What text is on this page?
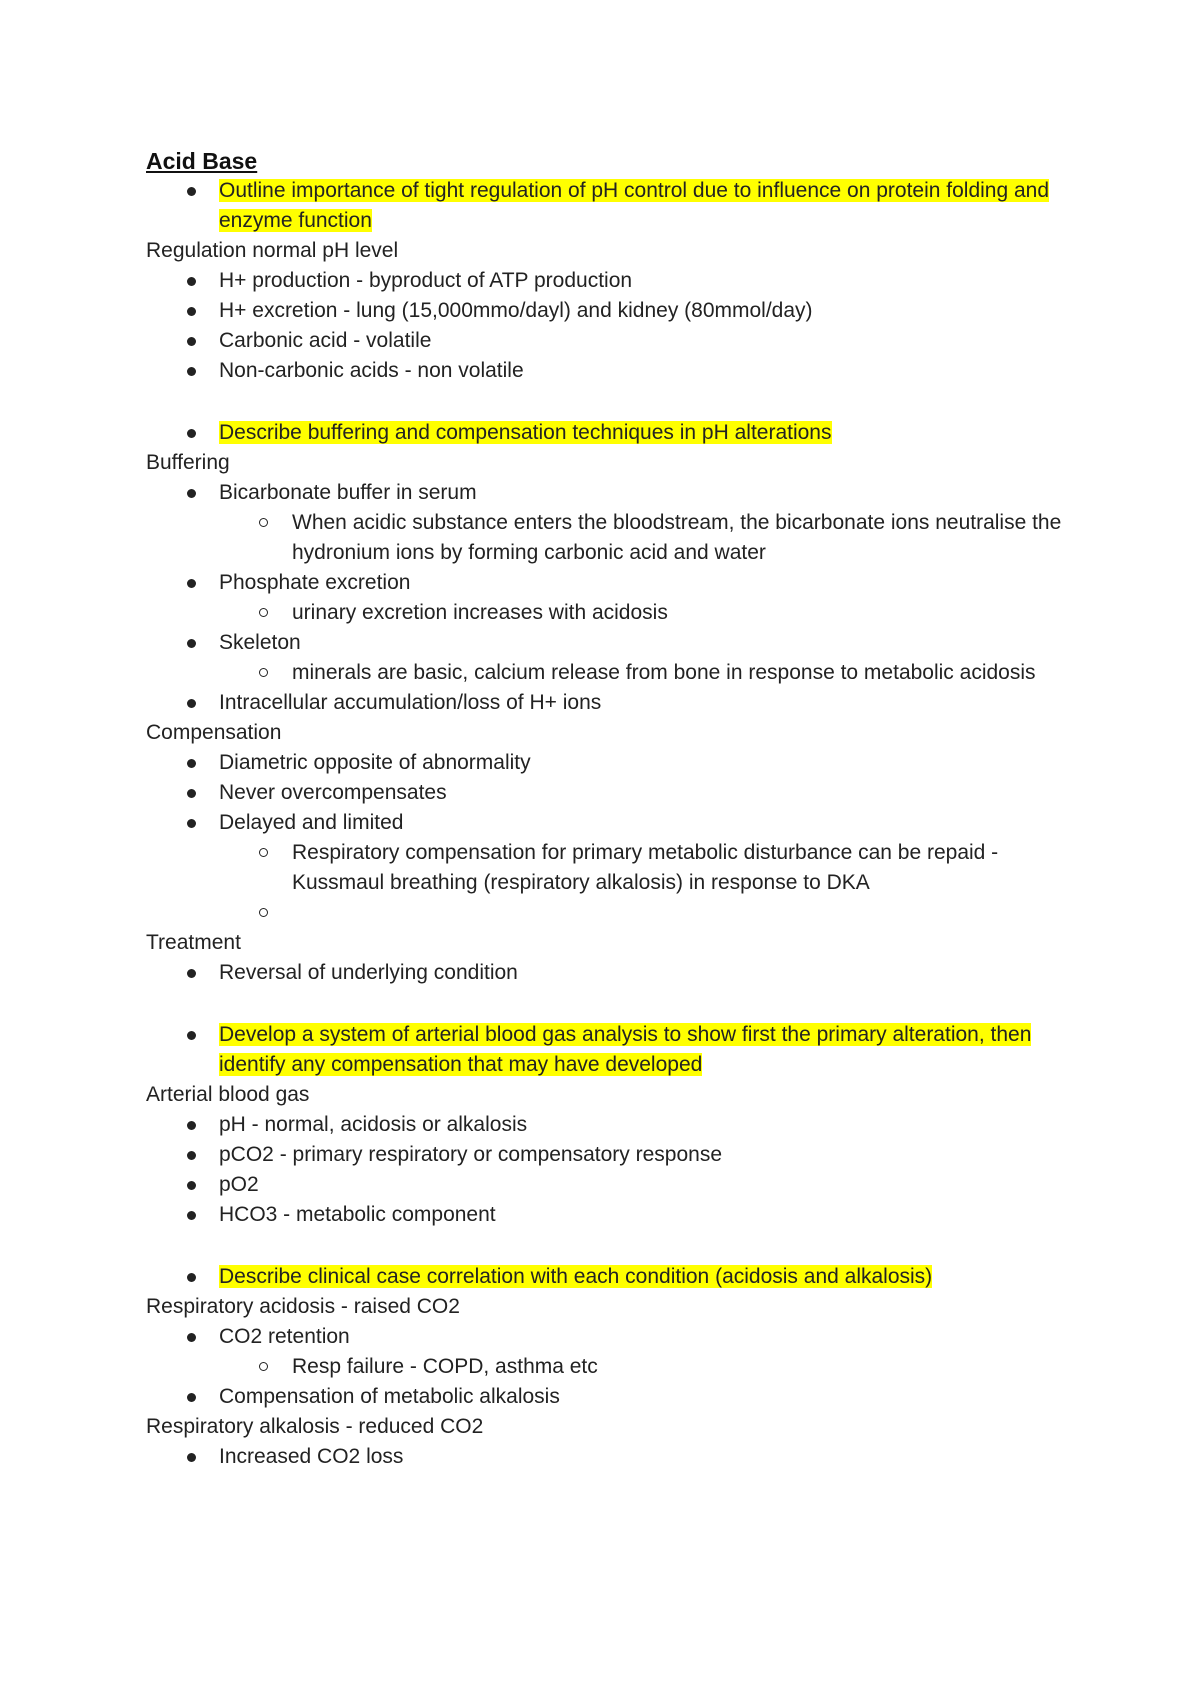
Acid Base
Outline importance of tight regulation of pH control due to influence on protein folding and enzyme function
Regulation normal pH level
H+ production - byproduct of ATP production
H+ excretion - lung (15,000mmo/dayl) and kidney (80mmol/day)
Carbonic acid - volatile
Non-carbonic acids - non volatile
Describe buffering and compensation techniques in pH alterations
Buffering
Bicarbonate buffer in serum
When acidic substance enters the bloodstream, the bicarbonate ions neutralise the hydronium ions by forming carbonic acid and water
Phosphate excretion
urinary excretion increases with acidosis
Skeleton
minerals are basic, calcium release from bone in response to metabolic acidosis
Intracellular accumulation/loss of H+ ions
Compensation
Diametric opposite of abnormality
Never overcompensates
Delayed and limited
Respiratory compensation for primary metabolic disturbance can be repaid - Kussmaul breathing (respiratory alkalosis) in response to DKA
Treatment
Reversal of underlying condition
Develop a system of arterial blood gas analysis to show first the primary alteration, then identify any compensation that may have developed
Arterial blood gas
pH - normal, acidosis or alkalosis
pCO2 - primary respiratory or compensatory response
pO2
HCO3 - metabolic component
Describe clinical case correlation with each condition (acidosis and alkalosis)
Respiratory acidosis - raised CO2
CO2 retention
Resp failure - COPD, asthma etc
Compensation of metabolic alkalosis
Respiratory alkalosis - reduced CO2
Increased CO2 loss
